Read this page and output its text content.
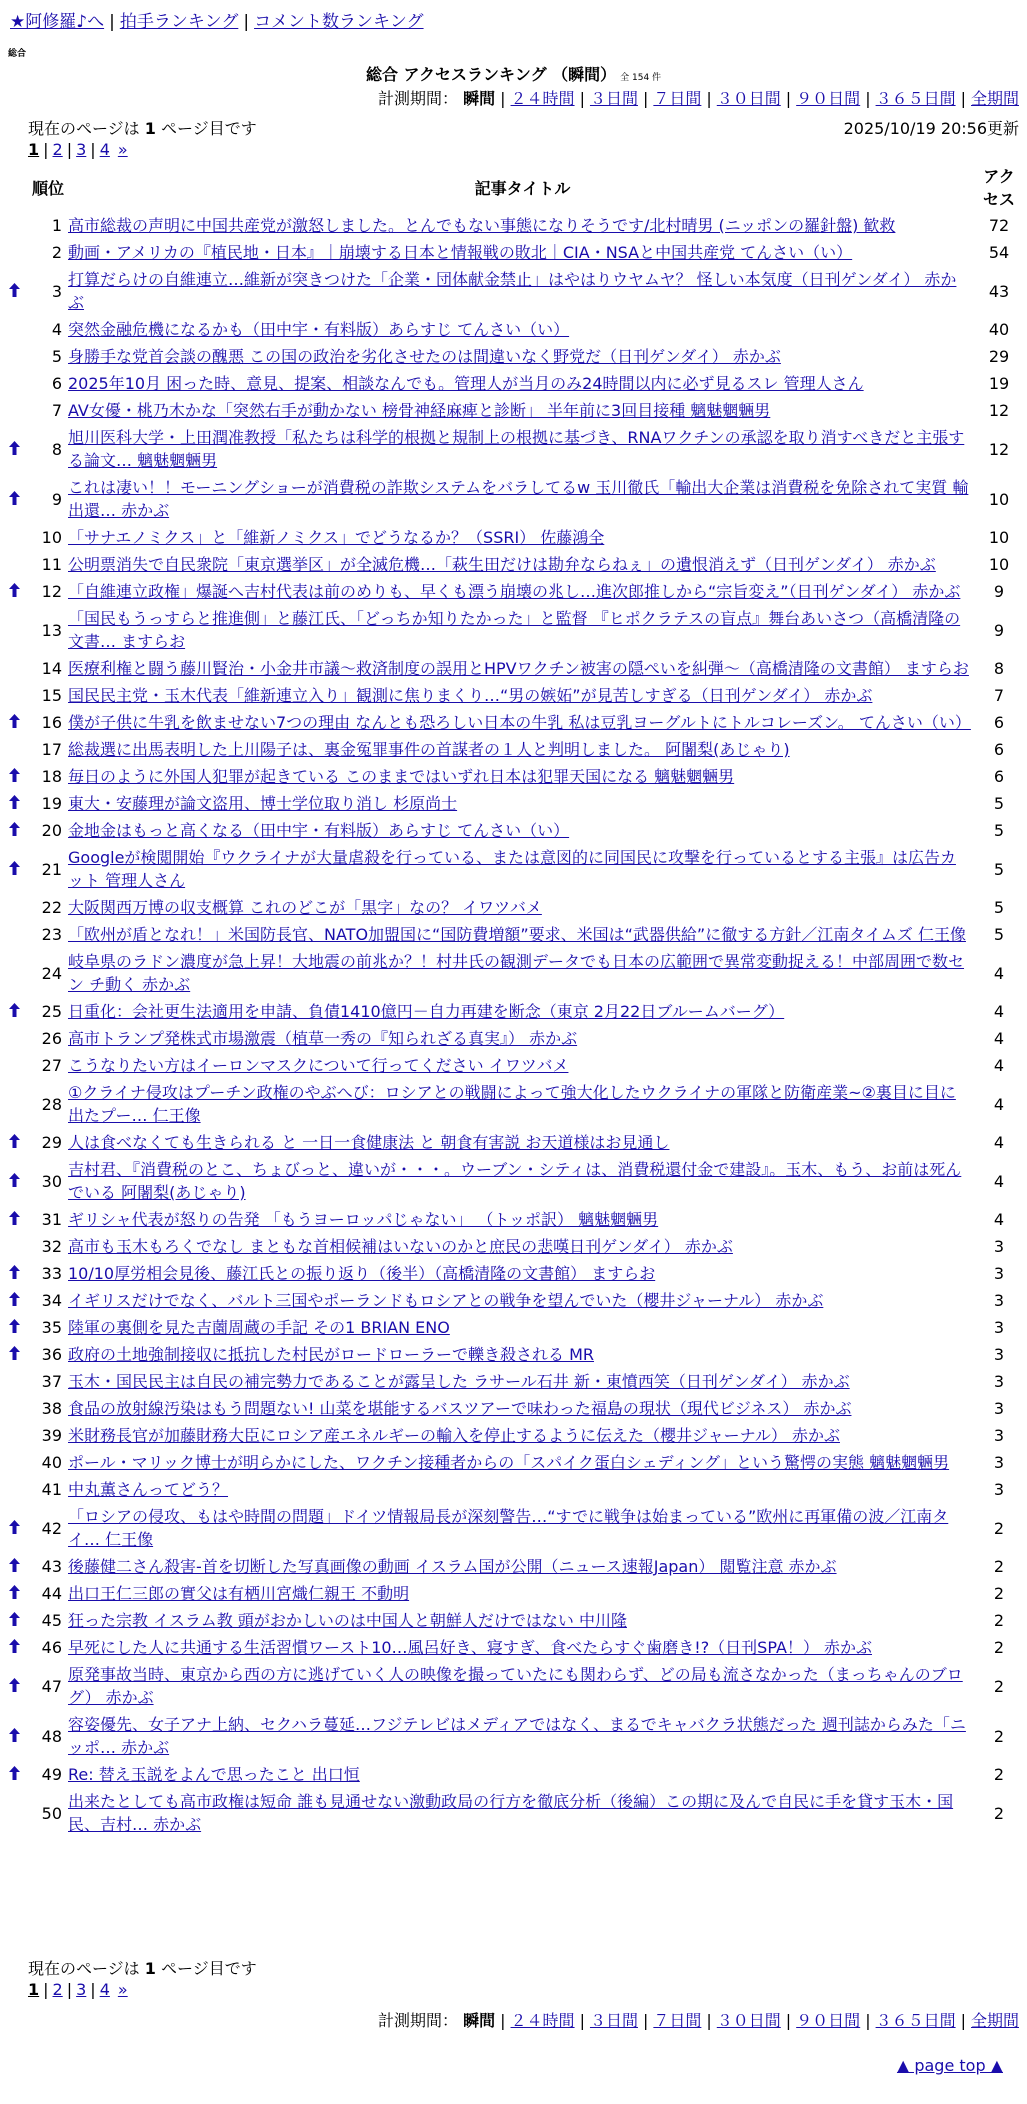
★阿修羅♪へ | 拍手ランキング | コメント数ランキング
総合
総合 アクセスランキング （瞬間） 全 154 件
計測期間： 瞬間 | ２４時間 | ３日間 | ７日間 | ３０日間 | ９０日間 | ３６５日間 | 全期間
現在のページは 1 ページ目です	2025/10/19 20:56更新
1 | 2 | 3 | 4 »
順位		記事タイトル	アクセス
	1	高市総裁の声明に中国共産党が激怒しました。とんでもない事態になりそうです/北村晴男 (ニッポンの羅針盤) 歓救	72
	2	動画・アメリカの『植民地・日本』｜崩壊する日本と情報戦の敗北｜CIA・NSAと中国共産党 てんさい（い）	54
	3	打算だらけの自維連立…維新が突きつけた「企業・団体献金禁止」はやはりウヤムヤ？ 怪しい本気度（日刊ゲンダイ） 赤かぶ	43
	4	突然金融危機になるかも（田中宇・有料版）あらすじ てんさい（い）	40
	5	身勝手な党首会談の醜悪 この国の政治を劣化させたのは間違いなく野党だ（日刊ゲンダイ） 赤かぶ	29
	6	2025年10月 困った時、意見、提案、相談なんでも。管理人が当月のみ24時間以内に必ず見るスレ 管理人さん	19
	7	AV女優・桃乃木かな「突然右手が動かない 榜骨神経麻痺と診断」 半年前に3回目接種 魑魅魍魎男	12
	8	旭川医科大学・上田潤准教授「私たちは科学的根拠と規制上の根拠に基づき、RNAワクチンの承認を取り消すべきだと主張する論文… 魑魅魍魎男	12
	9	これは凄い！！モーニングショーが消費税の詐欺システムをバラしてるw 玉川徹氏「輸出大企業は消費税を免除されて実質 輸出還… 赤かぶ	10
	10	「サナエノミクス」と「維新ノミクス」でどうなるか？（SSRI） 佐藤鴻全	10
	11	公明票消失で自民衆院「東京選挙区」が全滅危機…「萩生田だけは勘弁ならねぇ」の遺恨消えず（日刊ゲンダイ） 赤かぶ	10
	12	「自維連立政権」爆誕へ吉村代表は前のめりも、早くも漂う崩壊の兆し…進次郎推しから“宗旨変え”（日刊ゲンダイ） 赤かぶ	9
	13	「国民もうっすらと推進側」と藤江氏、「どっちか知りたかった」と監督 『ヒポクラテスの盲点』舞台あいさつ（高橋清隆の文書… ますらお	9
	14	医療利権と闘う藤川賢治・小金井市議～救済制度の誤用とHPVワクチン被害の隠ぺいを糾弾～（高橋清隆の文書館） ますらお	8
	15	国民民主党・玉木代表「維新連立入り」観測に焦りまくり…“男の嫉妬”が見苦しすぎる（日刊ゲンダイ） 赤かぶ	7
	16	僕が子供に牛乳を飲ませない7つの理由 なんとも恐ろしい日本の牛乳 私は豆乳ヨーグルトにトルコレーズン。 てんさい（い）	6
	17	総裁選に出馬表明した上川陽子は、裏金冤罪事件の首謀者の１人と判明しました。 阿闍梨(あじゃり)	6
	18	毎日のように外国人犯罪が起きている このままではいずれ日本は犯罪天国になる 魑魅魍魎男	6
	19	東大・安藤理が論文盗用、博士学位取り消し 杉原尚士	5
	20	金地金はもっと高くなる（田中宇・有料版）あらすじ てんさい（い）	5
	21	Googleが検閲開始『ウクライナが大量虐殺を行っている、または意図的に同国民に攻撃を行っているとする主張』は広告カット 管理人さん	5
	22	大阪関西万博の収支概算 これのどこが「黒字」なの？ イワツバメ	5
	23	「欧州が盾となれ！」米国防長官、NATO加盟国に“国防費増額”要求、米国は“武器供給”に徹する方針／江南タイムズ 仁王像	5
	24	岐阜県のラドン濃度が急上昇！大地震の前兆か？！村井氏の観測データでも日本の広範囲で異常変動捉える！中部周囲で数セン チ動く 赤かぶ	4
	25	日重化：会社更生法適用を申請、負債1410億円－自力再建を断念（東京 2月22日ブルームバーグ）	4
	26	高市トランプ発株式市場激震（植草一秀の『知られざる真実』） 赤かぶ	4
	27	こうなりたい方はイーロンマスクについて行ってください イワツバメ	4
	28	①クライナ侵攻はプーチン政権のやぶへび：ロシアとの戦闘によって強大化したウクライナの軍隊と防衛産業~②裏目に目に出たプー… 仁王像	4
	29	人は食べなくても生きられる と 一日一食健康法 と 朝食有害説 お天道様はお見通し	4
	30	吉村君、『消費税のとこ、ちょびっと、違いが・・・。ウーブン・シティは、消費税還付金で建設』。玉木、もう、お前は死んでいる 阿闍梨(あじゃり)	4
	31	ギリシャ代表が怒りの告発 「もうヨーロッパじゃない」 （トッポ訳） 魑魅魍魎男	4
	32	高市も玉木もろくでなし まともな首相候補はいないのかと庶民の悲嘆日刊ゲンダイ） 赤かぶ	3
	33	10/10厚労相会見後、藤江氏との振り返り（後半）（高橋清隆の文書館） ますらお	3
	34	イギリスだけでなく、バルト三国やポーランドもロシアとの戦争を望んでいた（櫻井ジャーナル） 赤かぶ	3
	35	陸軍の裏側を見た吉薗周蔵の手記 その1 BRIAN ENO	3
	36	政府の土地強制接収に抵抗した村民がロードローラーで轢き殺される MR	3
	37	玉木・国民民主は自民の補完勢力であることが露呈した ラサール石井 新・東憤西笑（日刊ゲンダイ） 赤かぶ	3
	38	食品の放射線汚染はもう問題ない! 山菜を堪能するバスツアーで味わった福島の現状（現代ビジネス） 赤かぶ	3
	39	米財務長官が加藤財務大臣にロシア産エネルギーの輸入を停止するように伝えた（櫻井ジャーナル） 赤かぶ	3
	40	ポール・マリック博士が明らかにした、ワクチン接種者からの「スパイク蛋白シェディング」という驚愕の実態 魑魅魍魎男	3
	41	中丸薫さんってどう？	3
	42	「ロシアの侵攻、もはや時間の問題」ドイツ情報局長が深刻警告…“すでに戦争は始まっている”欧州に再軍備の波／江南タイ… 仁王像	2
	43	後藤健二さん殺害-首を切断した写真画像の動画 イスラム国が公開（ニュース速報Japan） 閲覧注意 赤かぶ	2
	44	出口王仁三郎の實父は有栖川宮熾仁親王 不動明	2
	45	狂った宗教 イスラム教 頭がおかしいのは中国人と朝鮮人だけではない 中川隆	2
	46	早死にした人に共通する生活習慣ワースト10…風呂好き、寝すぎ、食べたらすぐ歯磨き!?（日刊SPA！） 赤かぶ	2
	47	原発事故当時、東京から西の方に逃げていく人の映像を撮っていたにも関わらず、どの局も流さなかった（まっちゃんのブログ） 赤かぶ	2
	48	容姿優先、女子アナ上納、セクハラ蔓延…フジテレビはメディアではなく、まるでキャバクラ状態だった 週刊誌からみた「ニッポ… 赤かぶ	2
	49	Re: 替え玉説をよんで思ったこと 出口恒	2
	50	出来たとしても高市政権は短命 誰も見通せない激動政局の行方を徹底分析（後編）この期に及んで自民に手を貸す玉木・国民、吉村… 赤かぶ	2
現在のページは 1 ページ目です
1 | 2 | 3 | 4 »
計測期間： 瞬間 | ２４時間 | ３日間 | ７日間 | ３０日間 | ９０日間 | ３６５日間 | 全期間
▲ page top ▲
